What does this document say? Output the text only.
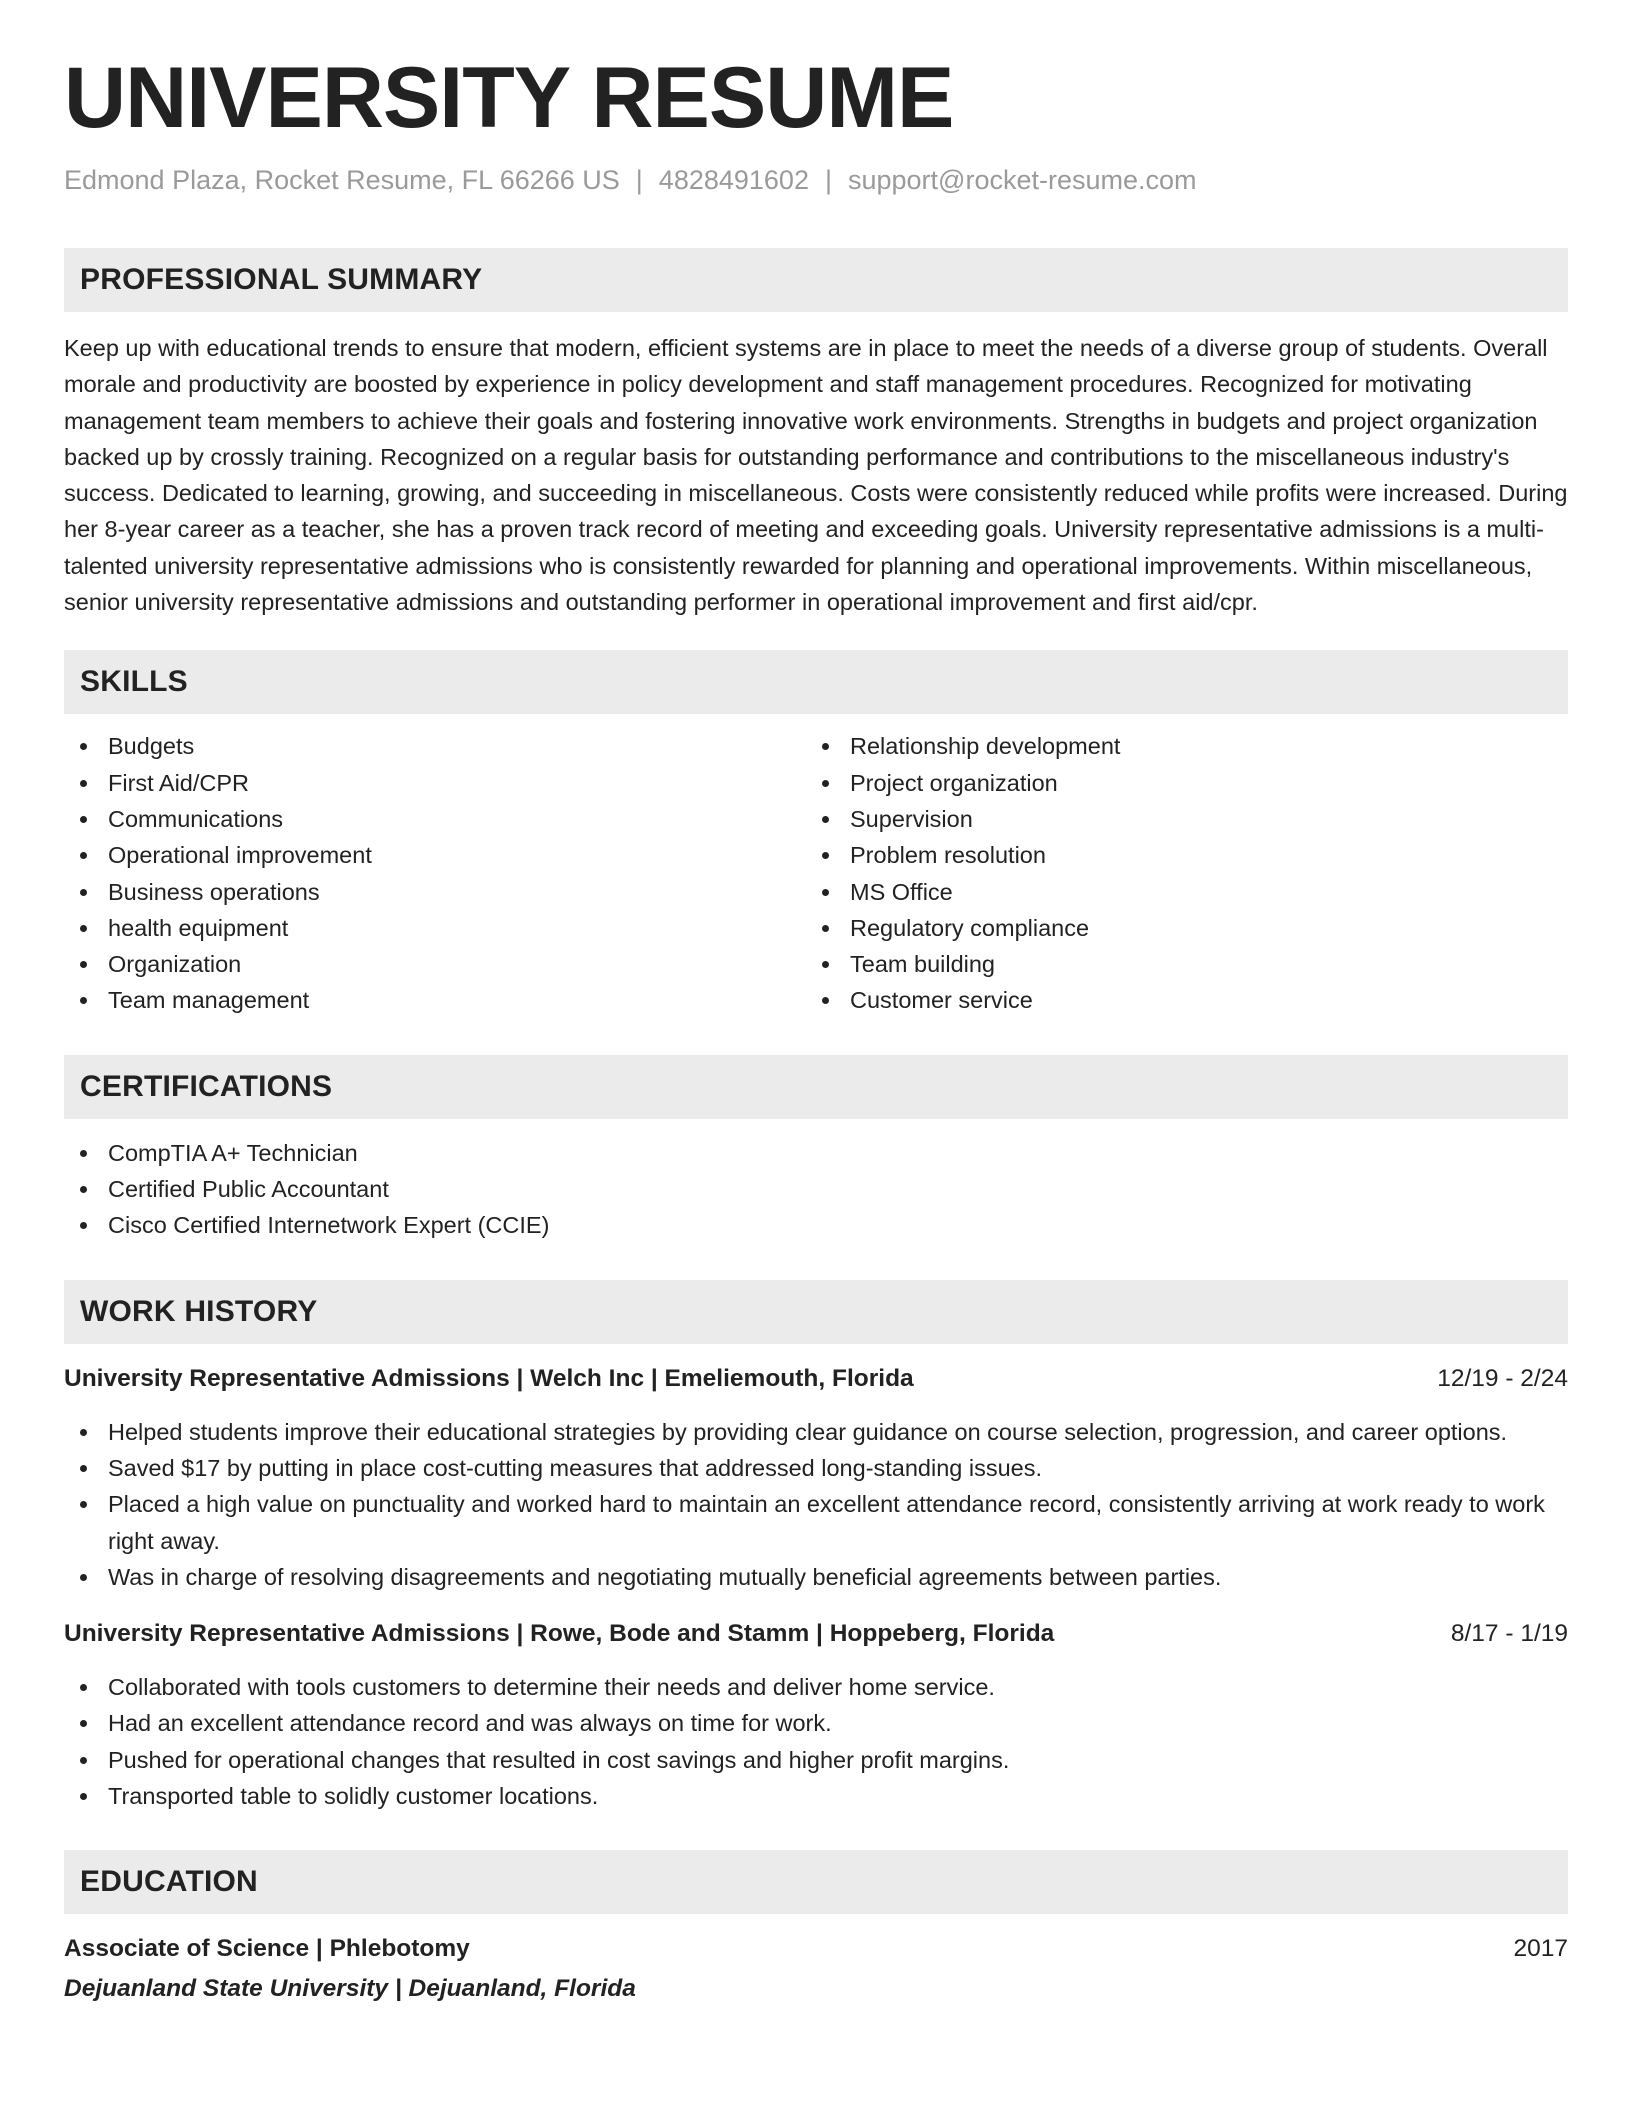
UNIVERSITY RESUME
Edmond Plaza, Rocket Resume, FL 66266 US | 4828491602 | support@rocket-resume.com
PROFESSIONAL SUMMARY

Keep up with educational trends to ensure that modern, efficient systems are in place to meet the needs of a diverse group of students. Overall morale and productivity are boosted by experience in policy development and staff management procedures. Recognized for motivating management team members to achieve their goals and fostering innovative work environments. Strengths in budgets and project organization backed up by crossly training. Recognized on a regular basis for outstanding performance and contributions to the miscellaneous industry's success. Dedicated to learning, growing, and succeeding in miscellaneous. Costs were consistently reduced while profits were increased. During her 8-year career as a teacher, she has a proven track record of meeting and exceeding goals. University representative admissions is a multi-talented university representative admissions who is consistently rewarded for planning and operational improvements. Within miscellaneous, senior university representative admissions and outstanding performer in operational improvement and first aid/cpr.

SKILLS
Budgets
First Aid/CPR
Communications
Operational improvement
Business operations
health equipment
Organization
Team management
Relationship development
Project organization
Supervision
Problem resolution
MS Office
Regulatory compliance
Team building
Customer service
CERTIFICATIONS
CompTIA A+ Technician
Certified Public Accountant
Cisco Certified Internetwork Expert (CCIE)
WORK HISTORY
University Representative Admissions | Welch Inc | Emeliemouth, Florida	12/19 - 2/24
Helped students improve their educational strategies by providing clear guidance on course selection, progression, and career options.
Saved $17 by putting in place cost-cutting measures that addressed long-standing issues.
Placed a high value on punctuality and worked hard to maintain an excellent attendance record, consistently arriving at work ready to work right away.
Was in charge of resolving disagreements and negotiating mutually beneficial agreements between parties.
University Representative Admissions | Rowe, Bode and Stamm | Hoppeberg, Florida	8/17 - 1/19
Collaborated with tools customers to determine their needs and deliver home service.
Had an excellent attendance record and was always on time for work.
Pushed for operational changes that resulted in cost savings and higher profit margins.
Transported table to solidly customer locations.
EDUCATION
Associate of Science | Phlebotomy	2017
Dejuanland State University | Dejuanland, Florida
